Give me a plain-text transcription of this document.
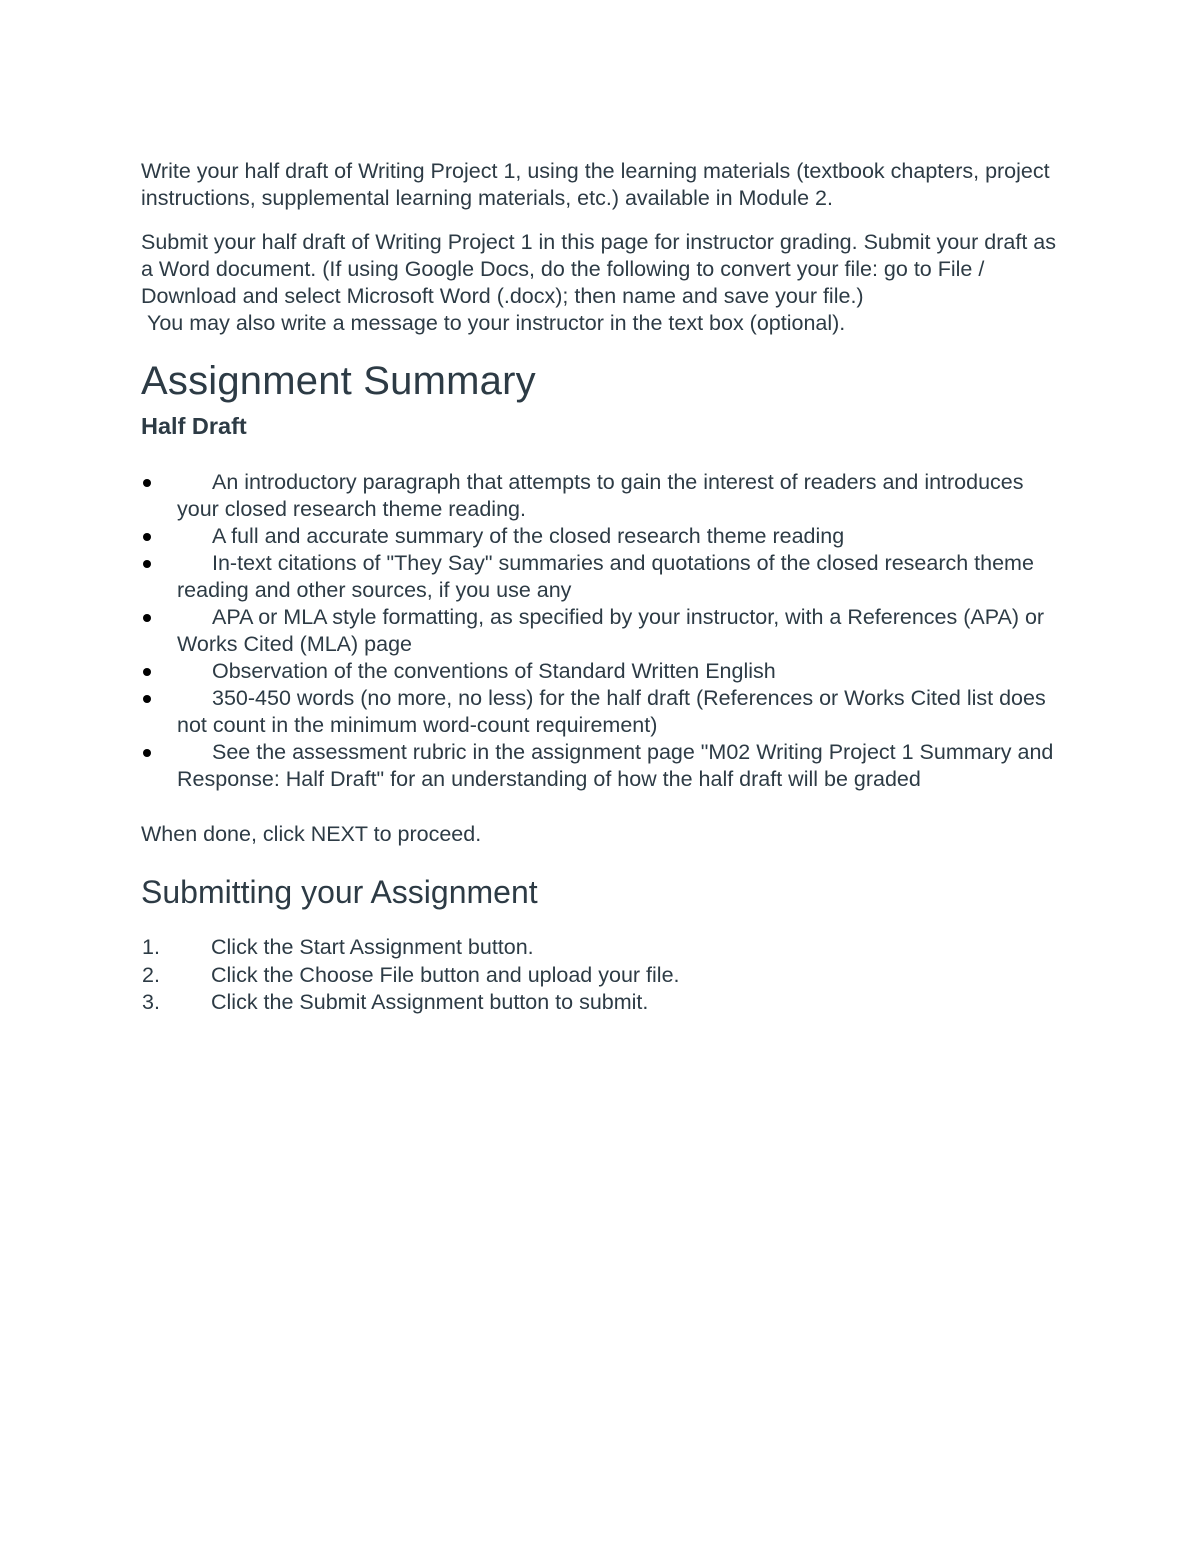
Write your half draft of Writing Project 1, using the learning materials (textbook chapters, project instructions, supplemental learning materials, etc.) available in Module 2.

Submit your half draft of Writing Project 1 in this page for instructor grading. Submit your draft as a Word document. (If using Google Docs, do the following to convert your file: go to File / Download and select Microsoft Word (.docx); then name and save your file.)
You may also write a message to your instructor in the text box (optional).

Assignment Summary
Half Draft
An introductory paragraph that attempts to gain the interest of readers and introduces your closed research theme reading.
A full and accurate summary of the closed research theme reading
In-text citations of "They Say" summaries and quotations of the closed research theme reading and other sources, if you use any
APA or MLA style formatting, as specified by your instructor, with a References (APA) or Works Cited (MLA) page
Observation of the conventions of Standard Written English
350-450 words (no more, no less) for the half draft (References or Works Cited list does not count in the minimum word-count requirement)
See the assessment rubric in the assignment page "M02 Writing Project 1 Summary and Response: Half Draft" for an understanding of how the half draft will be graded

When done, click NEXT to proceed.

Submitting your Assignment
1. Click the Start Assignment button.
2. Click the Choose File button and upload your file.
3. Click the Submit Assignment button to submit.
